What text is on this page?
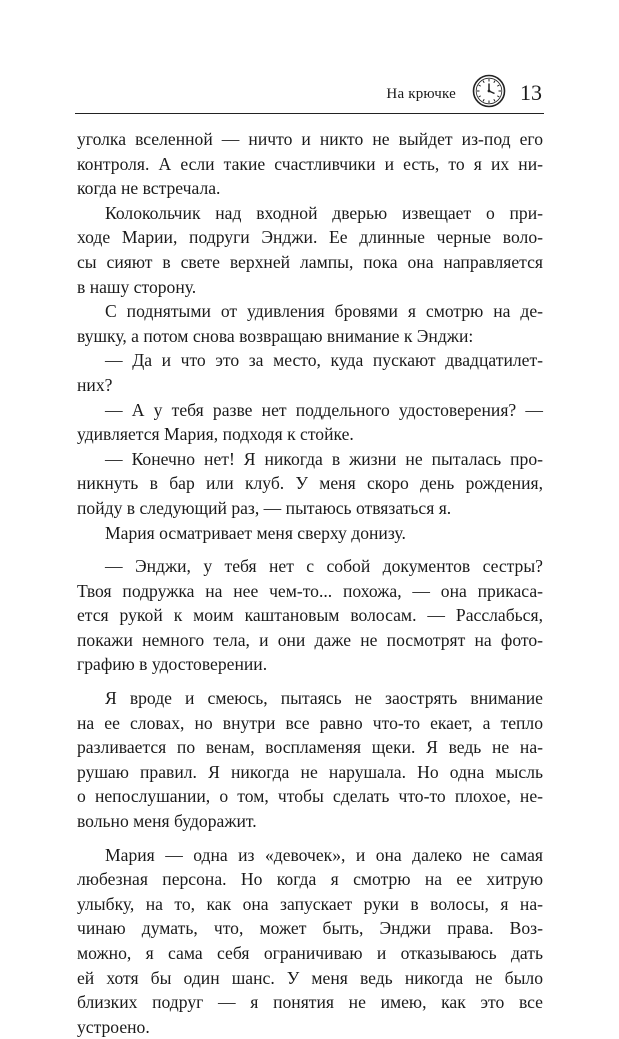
На крючке	13
уголка вселенной — ничто и никто не выйдет из-под его
контроля. А если такие счастливчики и есть, то я их ни-
когда не встречала.
Колокольчик над входной дверью извещает о при-
ходе Марии, подруги Энджи. Ее длинные черные воло-
сы сияют в свете верхней лампы, пока она направляется
в нашу сторону.
С поднятыми от удивления бровями я смотрю на де-
вушку, а потом снова возвращаю внимание к Энджи:
— Да и что это за место, куда пускают двадцатилет-
них?
— А у тебя разве нет поддельного удостоверения? —
удивляется Мария, подходя к стойке.
— Конечно нет! Я никогда в жизни не пыталась про-
никнуть в бар или клуб. У меня скоро день рождения,
пойду в следующий раз, — пытаюсь отвязаться я.
Мария осматривает меня сверху донизу.
— Энджи, у тебя нет с собой документов сестры?
Твоя подружка на нее чем-то... похожа, — она прикаса-
ется рукой к моим каштановым волосам. — Расслабься,
покажи немного тела, и они даже не посмотрят на фото-
графию в удостоверении.
Я вроде и смеюсь, пытаясь не заострять внимание
на ее словах, но внутри все равно что-то екает, а тепло
разливается по венам, воспламеняя щеки. Я ведь не на-
рушаю правил. Я никогда не нарушала. Но одна мысль
о непослушании, о том, чтобы сделать что-то плохое, не-
вольно меня будоражит.
Мария — одна из «девочек», и она далеко не самая
любезная персона. Но когда я смотрю на ее хитрую
улыбку, на то, как она запускает руки в волосы, я на-
чинаю думать, что, может быть, Энджи права. Воз-
можно, я сама себя ограничиваю и отказываюсь дать
ей хотя бы один шанс. У меня ведь никогда не было
близких подруг — я понятия не имею, как это все
устроено.
